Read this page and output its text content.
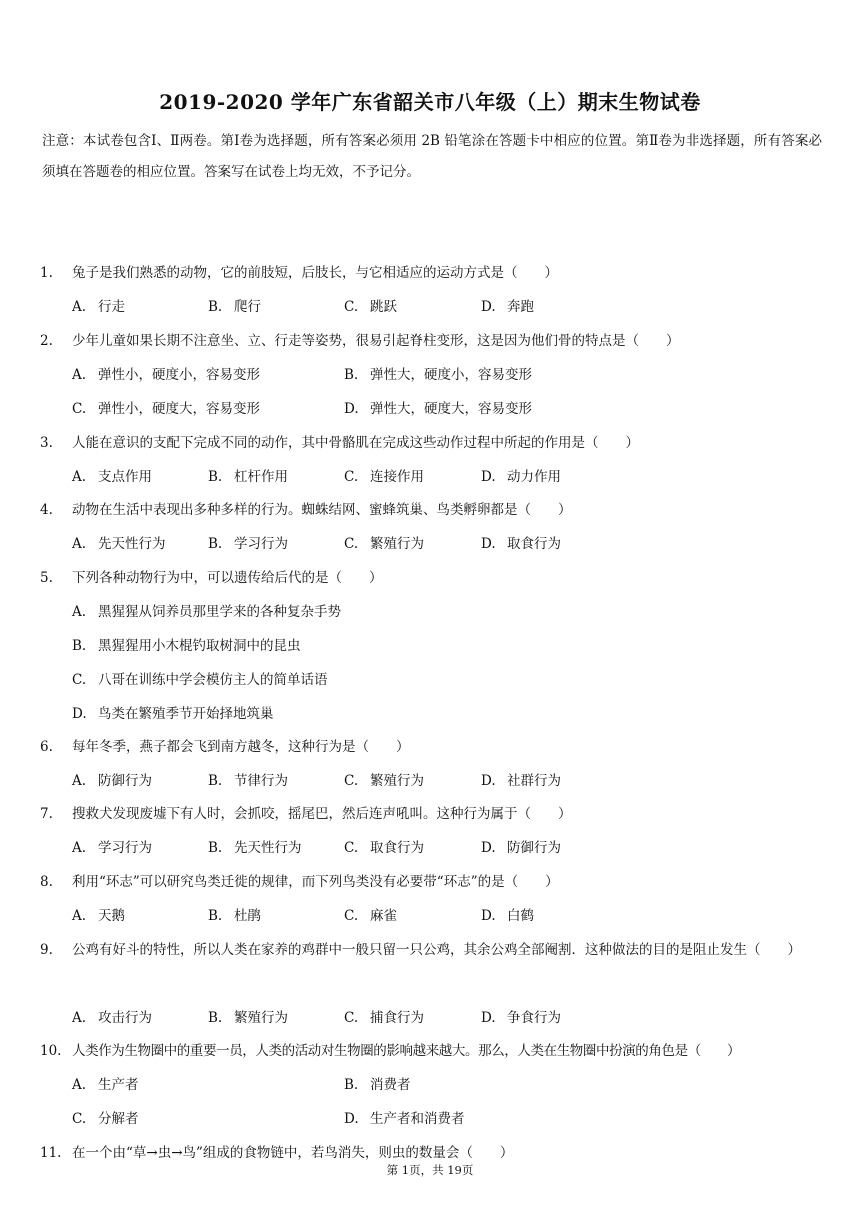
2019-2020 学年广东省韶关市八年级（上）期末生物试卷
注意：本试卷包含Ⅰ、Ⅱ两卷。第Ⅰ卷为选择题，所有答案必须用 2B 铅笔涂在答题卡中相应的位置。第Ⅱ卷为非选择题，所有答案必须填在答题卷的相应位置。答案写在试卷上均无效，不予记分。
1.	兔子是我们熟悉的动物，它的前肢短，后肢长，与它相适应的运动方式是（　　）
A. 行走	B. 爬行	C. 跳跃	D. 奔跑
2.	少年儿童如果长期不注意坐、立、行走等姿势，很易引起脊柱变形，这是因为他们骨的特点是（　　）
A. 弹性小，硬度小，容易变形	B. 弹性大，硬度小，容易变形
C. 弹性小，硬度大，容易变形	D. 弹性大，硬度大，容易变形
3.	人能在意识的支配下完成不同的动作，其中骨骼肌在完成这些动作过程中所起的作用是（　　）
A. 支点作用	B. 杠杆作用	C. 连接作用	D. 动力作用
4.	动物在生活中表现出多种多样的行为。蜘蛛结网、蜜蜂筑巢、鸟类孵卵都是（　　）
A. 先天性行为	B. 学习行为	C. 繁殖行为	D. 取食行为
5.	下列各种动物行为中，可以遗传给后代的是（　　）
A. 黑猩猩从饲养员那里学来的各种复杂手势
B. 黑猩猩用小木棍钓取树洞中的昆虫
C. 八哥在训练中学会模仿主人的简单话语
D. 鸟类在繁殖季节开始择地筑巢
6.	每年冬季，燕子都会飞到南方越冬，这种行为是（　　）
A. 防御行为	B. 节律行为	C. 繁殖行为	D. 社群行为
7.	搜救犬发现废墟下有人时，会抓咬，摇尾巴，然后连声吼叫。这种行为属于（　　）
A. 学习行为	B. 先天性行为	C. 取食行为	D. 防御行为
8.	利用“环志”可以研究鸟类迁徙的规律，而下列鸟类没有必要带“环志”的是（　　）
A. 天鹅	B. 杜鹃	C. 麻雀	D. 白鹤
9.	公鸡有好斗的特性，所以人类在家养的鸡群中一般只留一只公鸡，其余公鸡全部阉割．这种做法的目的是阻止发生（　　）
A. 攻击行为	B. 繁殖行为	C. 捕食行为	D. 争食行为
10. 人类作为生物圈中的重要一员，人类的活动对生物圈的影响越来越大。那么，人类在生物圈中扮演的角色是（　　）
A. 生产者	B. 消费者
C. 分解者	D. 生产者和消费者
11. 在一个由“草→虫→鸟”组成的食物链中，若鸟消失，则虫的数量会（　　）
第 1页，共 19页
